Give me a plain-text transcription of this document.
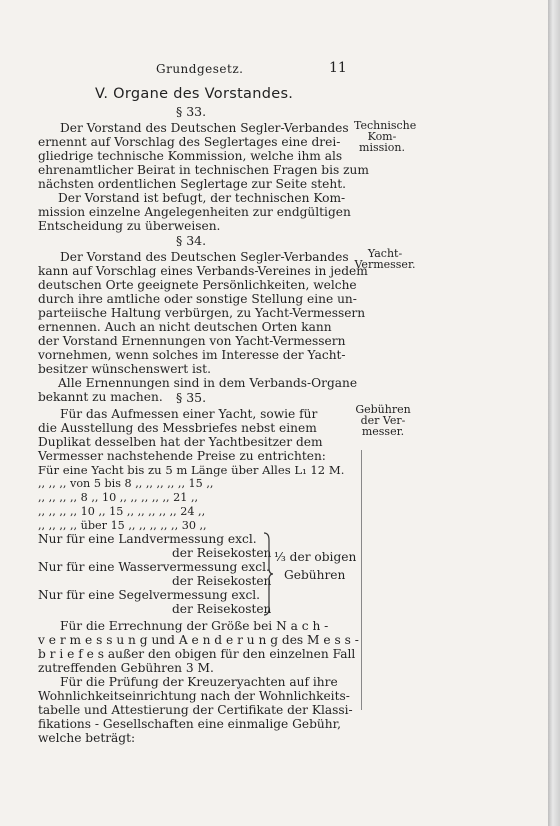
Grundgesetz.	11
V. Organe des Vorstandes.
§ 33.
Der Vorstand des Deutschen Segler-Verbandes
ernennt auf Vorschlag des Seglertages eine drei-
gliedrige technische Kommission, welche ihm als
ehrenamtlicher Beirat in technischen Fragen bis zum
nächsten ordentlichen Seglertage zur Seite steht.
Der Vorstand ist befugt, der technischen Kom-
mission einzelne Angelegenheiten zur endgültigen
Entscheidung zu überweisen.
Technische
Kom-
mission.
§ 34.
Der Vorstand des Deutschen Segler-Verbandes
kann auf Vorschlag eines Verbands-Vereines in jedem
deutschen Orte geeignete Persönlichkeiten, welche
durch ihre amtliche oder sonstige Stellung eine un-
parteiische Haltung verbürgen, zu Yacht-Vermessern
ernennen. Auch an nicht deutschen Orten kann
der Vorstand Ernennungen von Yacht-Vermessern
vornehmen, wenn solches im Interesse der Yacht-
besitzer wünschenswert ist.
Alle Ernennungen sind in dem Verbands-Organe
bekannt zu machen.
Yacht-
Vermesser.
§ 35.
Für das Aufmessen einer Yacht, sowie für
die Ausstellung des Messbriefes nebst einem
Duplikat desselben hat der Yachtbesitzer dem
Vermesser nachstehende Preise zu entrichten:
Gebühren
der Ver-
messer.
Für eine Yacht bis zu 5 m Länge über Alles L₁ 12 M.
,, ,, ,, von 5 bis 8 ,, ,, ,, ,, ,, 15 ,,
,, ,, ,, ,, 8 ,, 10 ,, ,, ,, ,, ,, 21 ,,
,, ,, ,, ,, 10 ,, 15 ,, ,, ,, ,, ,, 24 ,,
,, ,, ,, ,, über 15 ,, ,, ,, ,, ,, 30 ,,
Nur für eine Landvermessung excl.
der Reisekosten
Nur für eine Wasservermessung excl.
der Reisekosten
Nur für eine Segelvermessung excl.
der Reisekosten
⅓ der obigen
Gebühren
Für die Errechnung der Größe bei N a c h -
v e r m e s s u n g und A e n d e r u n g des M e s s -
b r i e f e s außer den obigen für den einzelnen Fall
zutreffenden Gebühren 3 M.
Für die Prüfung der Kreuzeryachten auf ihre
Wohnlichkeitseinrichtung nach der Wohnlichkeits-
tabelle und Attestierung der Certifikate der Klassi-
fikations - Gesellschaften eine einmalige Gebühr,
welche beträgt:
